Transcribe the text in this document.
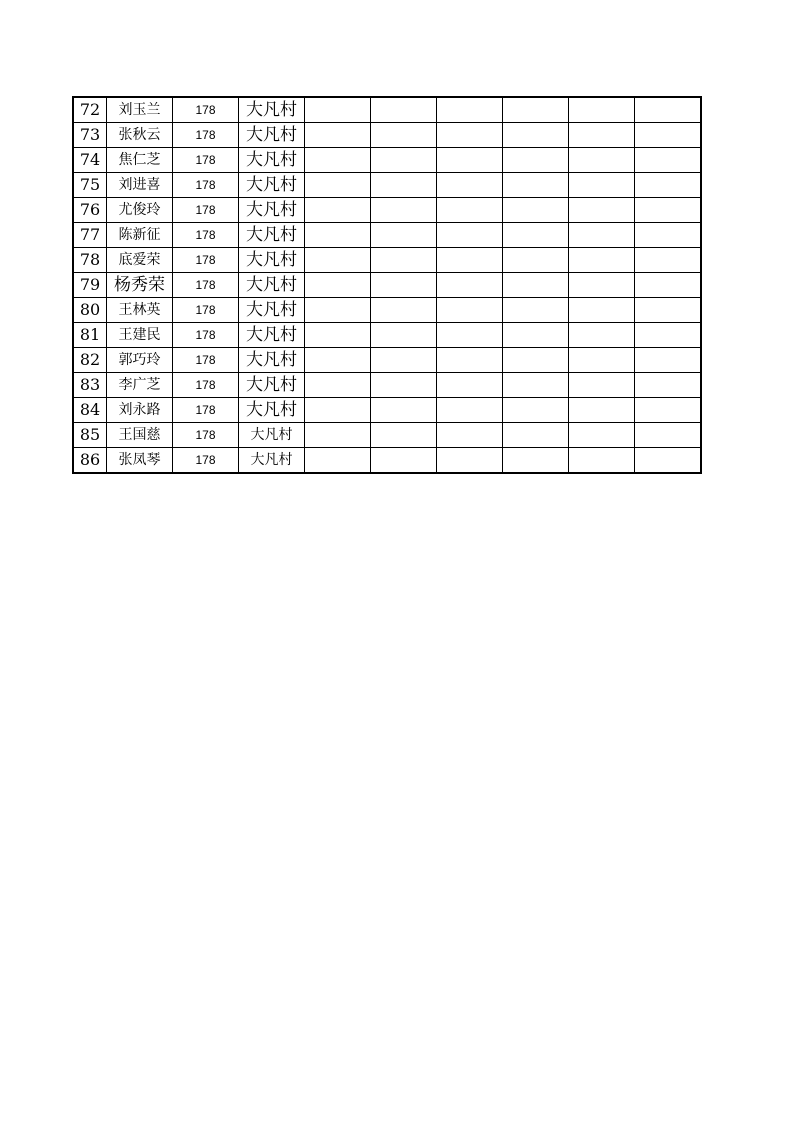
72	刘玉兰	178	大凡村						
73	张秋云	178	大凡村						
74	焦仁芝	178	大凡村						
75	刘进喜	178	大凡村						
76	尤俊玲	178	大凡村						
77	陈新征	178	大凡村						
78	底爱荣	178	大凡村						
79	杨秀荣	178	大凡村						
80	王林英	178	大凡村						
81	王建民	178	大凡村						
82	郭巧玲	178	大凡村						
83	李广芝	178	大凡村						
84	刘永路	178	大凡村						
85	王国慈	178	大凡村						
86	张凤琴	178	大凡村						
